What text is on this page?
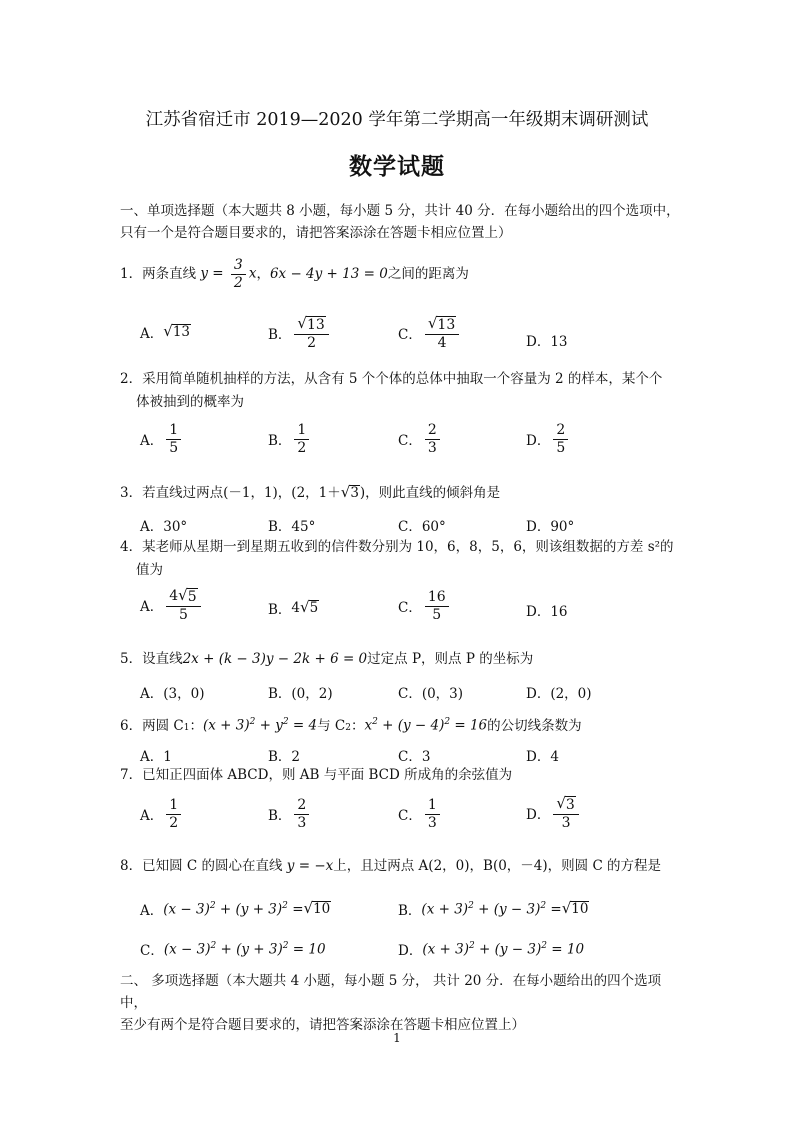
江苏省宿迁市 2019—2020 学年第二学期高一年级期末调研测试
数学试题
一、单项选择题（本大题共 8 小题，每小题 5 分，共计 40 分．在每小题给出的四个选项中，
只有一个是符合题目要求的，请把答案添涂在答题卡相应位置上）
1． 两条直线 $y = \frac{3}{2}$ x ， 6x − 4y + 13 = 0 之间的距离为
A． √ 13	B． $\frac{√ 13}{2}$	C． $\frac{√ 13}{4}$	D．13
2．采用简单随机抽样的方法，从含有 5 个个体的总体中抽取一个容量为 2 的样本，某个个
体被抽到的概率为
A． $\frac{1}{5}$	B． $\frac{1}{2}$	C． $\frac{2}{3}$	D． $\frac{2}{5}$
3．若直线过两点(－1，1)，(2，1＋ √ 3 )，则此直线的倾斜角是
A．30°	B．45°	C．60°	D．90°
4．某老师从星期一到星期五收到的信件数分别为 10，6，8，5，6，则该组数据的方差 s²的
值为
A． $\frac{4 √ 5}{5}$	B． 4 √ 5	C． $\frac{16}{5}$	D．16
5．设直线 2x + (k − 3)y − 2k + 6 = 0 过定点 P，则点 P 的坐标为
A．(3，0)	B．(0，2)	C．(0，3)	D．(2，0)
6．两圆 C 1 ： $(x + 3)^2 + y^2 = 4$ 与 C 2 ： $x^2 + (y - 4)^2 = 16$ 的公切线条数为
A．1	B．2	C．3	D．4
7．已知正四面体 ABCD，则 AB 与平面 BCD 所成角的余弦值为
A． $\frac{1}{2}$	B． $\frac{2}{3}$	C． $\frac{1}{3}$	D． $\frac{√ 3}{3}$
8．已知圆 C 的圆心在直线 y = −x 上，且过两点 A(2，0)，B(0，－4)，则圆 C 的方程是
A． $(x - 3)^2 + (y + 3)^2$ = √ 10	B． $(x + 3)^2 + (y - 3)^2$ = √ 10
C． $(x - 3)^2 + (y + 3)^2 = 10$	D． $(x + 3)^2 + (y - 3)^2 = 10$
二、 多项选择题（本大题共 4 小题，每小题 5 分， 共计 20 分．在每小题给出的四个选项中，
至少有两个是符合题目要求的，请把答案添涂在答题卡相应位置上）
1
